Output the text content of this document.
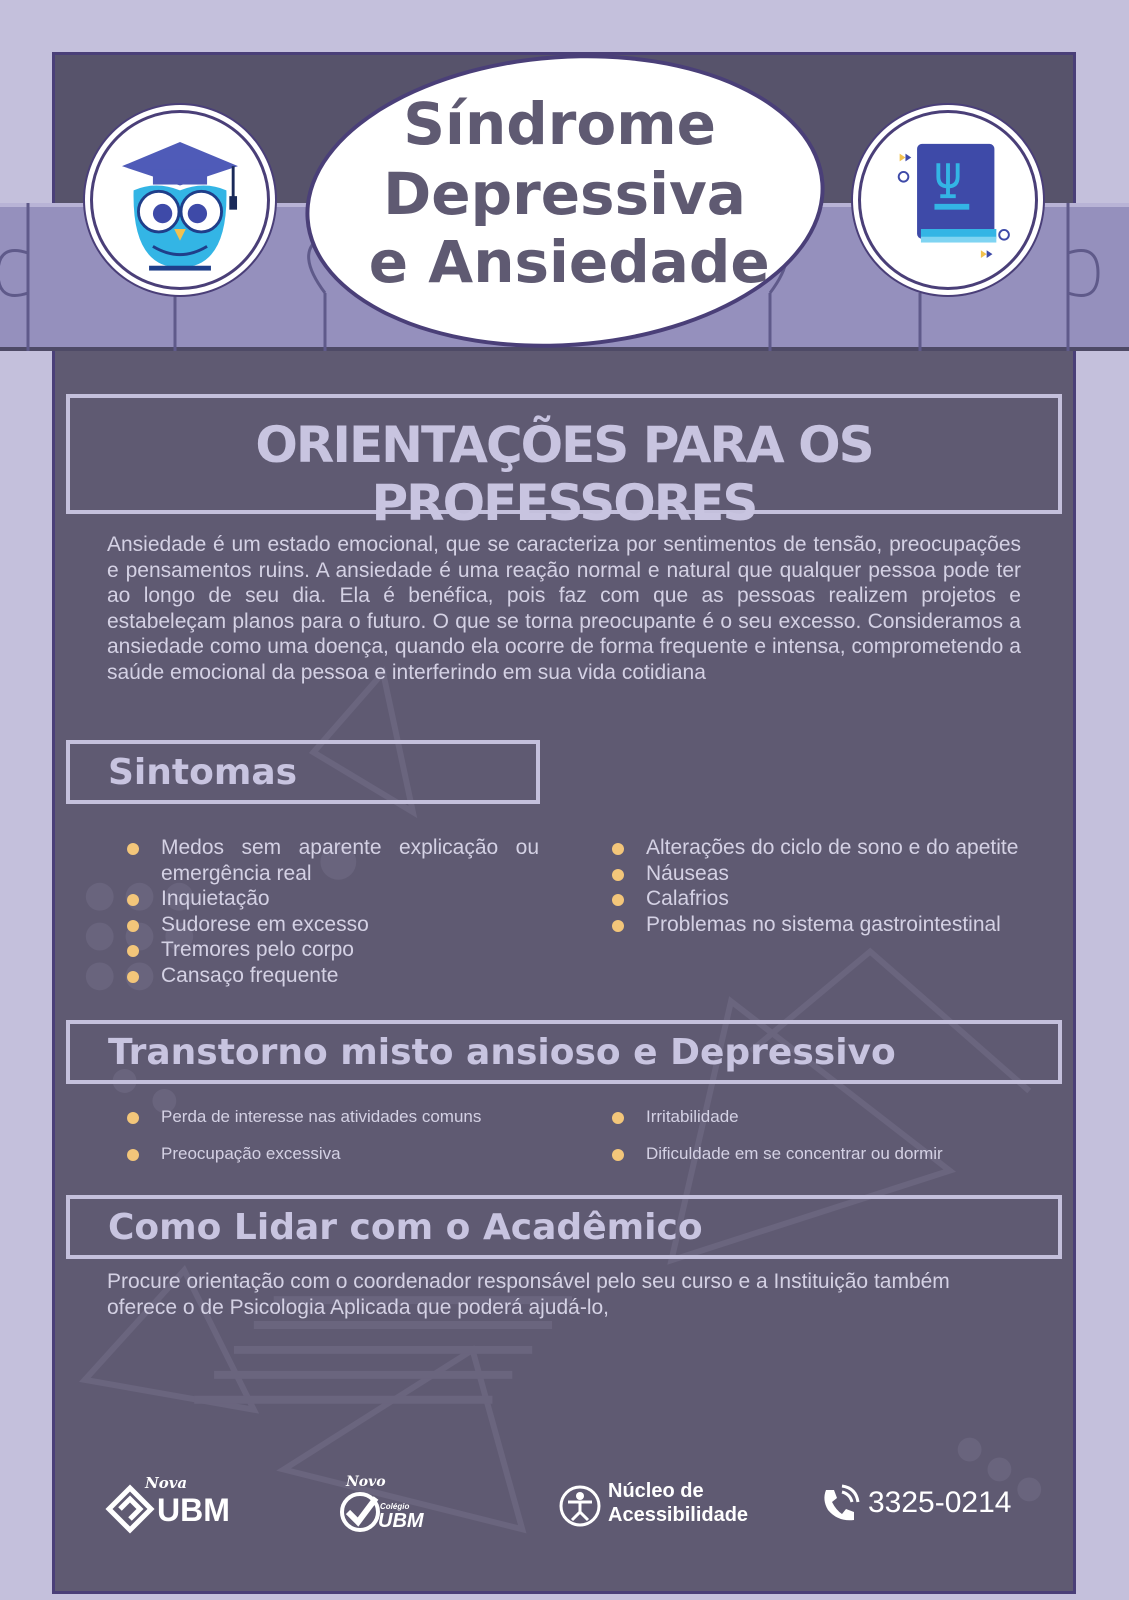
Síndrome
Depressiva
e Ansiedade
ORIENTAÇÕES PARA OS PROFESSORES
Ansiedade é um estado emocional, que se caracteriza por sentimentos de tensão, preocupações e pensamentos ruins. A ansiedade é uma reação normal e natural que qualquer pessoa pode ter ao longo de seu dia. Ela é benéfica, pois faz com que as pessoas realizem projetos e estabeleçam planos para o futuro. O que se torna preocupante é o seu excesso. Consideramos a ansiedade como uma doença, quando ela ocorre de forma frequente e intensa, comprometendo a saúde emocional da pessoa e interferindo em sua vida cotidiana
Sintomas
Medos sem aparente explicação ou emergência real
Inquietação
Sudorese em excesso
Tremores pelo corpo
Cansaço frequente
Alterações do ciclo de sono e do apetite
Náuseas
Calafrios
Problemas no sistema gastrointestinal
Transtorno misto ansioso e Depressivo
Perda de interesse nas atividades comuns
Preocupação excessiva
Irritabilidade
Dificuldade em se concentrar ou dormir
Como Lidar com o Acadêmico
Procure orientação com o coordenador responsável pelo seu curso e a Instituição também oferece o de Psicologia Aplicada que poderá ajudá-lo,
Nova
UBM
Novo
Colégio
UBM
Núcleo de
Acessibilidade	3325-0214
